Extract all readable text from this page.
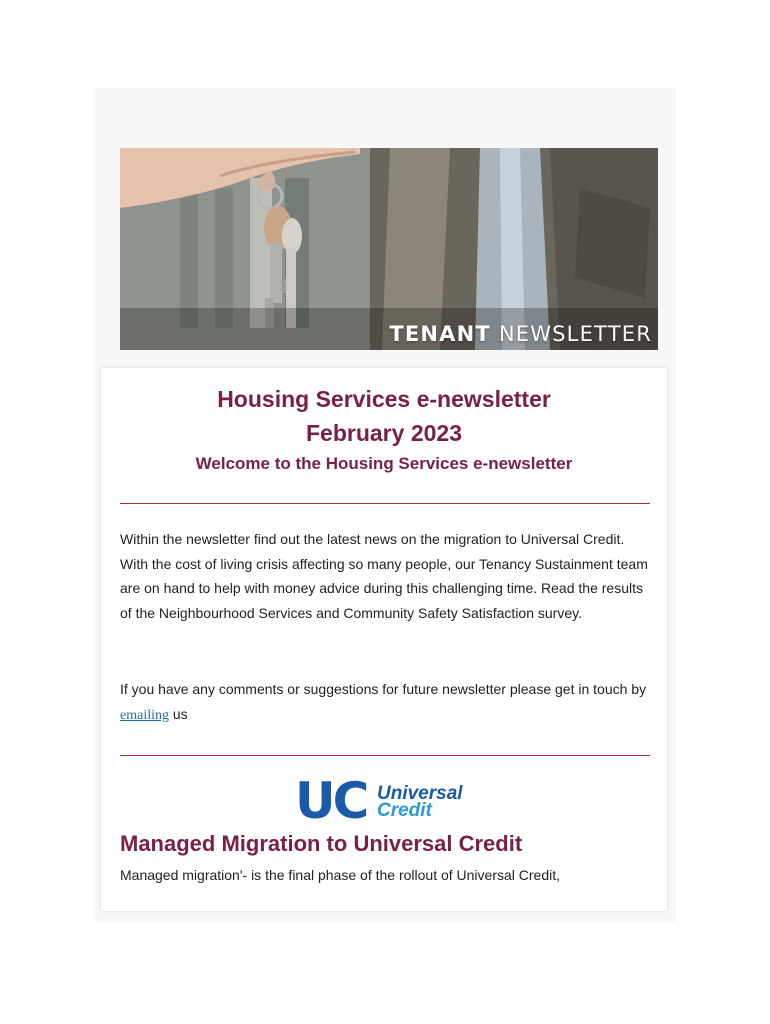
TENANT NEWSLETTER
Housing Services e-newsletter
February 2023
Welcome to the Housing Services e-newsletter

Within the newsletter find out the latest news on the migration to Universal Credit. With the cost of living crisis affecting so many people, our Tenancy Sustainment team are on hand to help with money advice during this challenging time. Read the results of the Neighbourhood Services and Community Safety Satisfaction survey.

If you have any comments or suggestions for future newsletter please get in touch by emailing us

UC Universal
Credit
Managed Migration to Universal Credit

Managed migration'- is the final phase of the rollout of Universal Credit,
